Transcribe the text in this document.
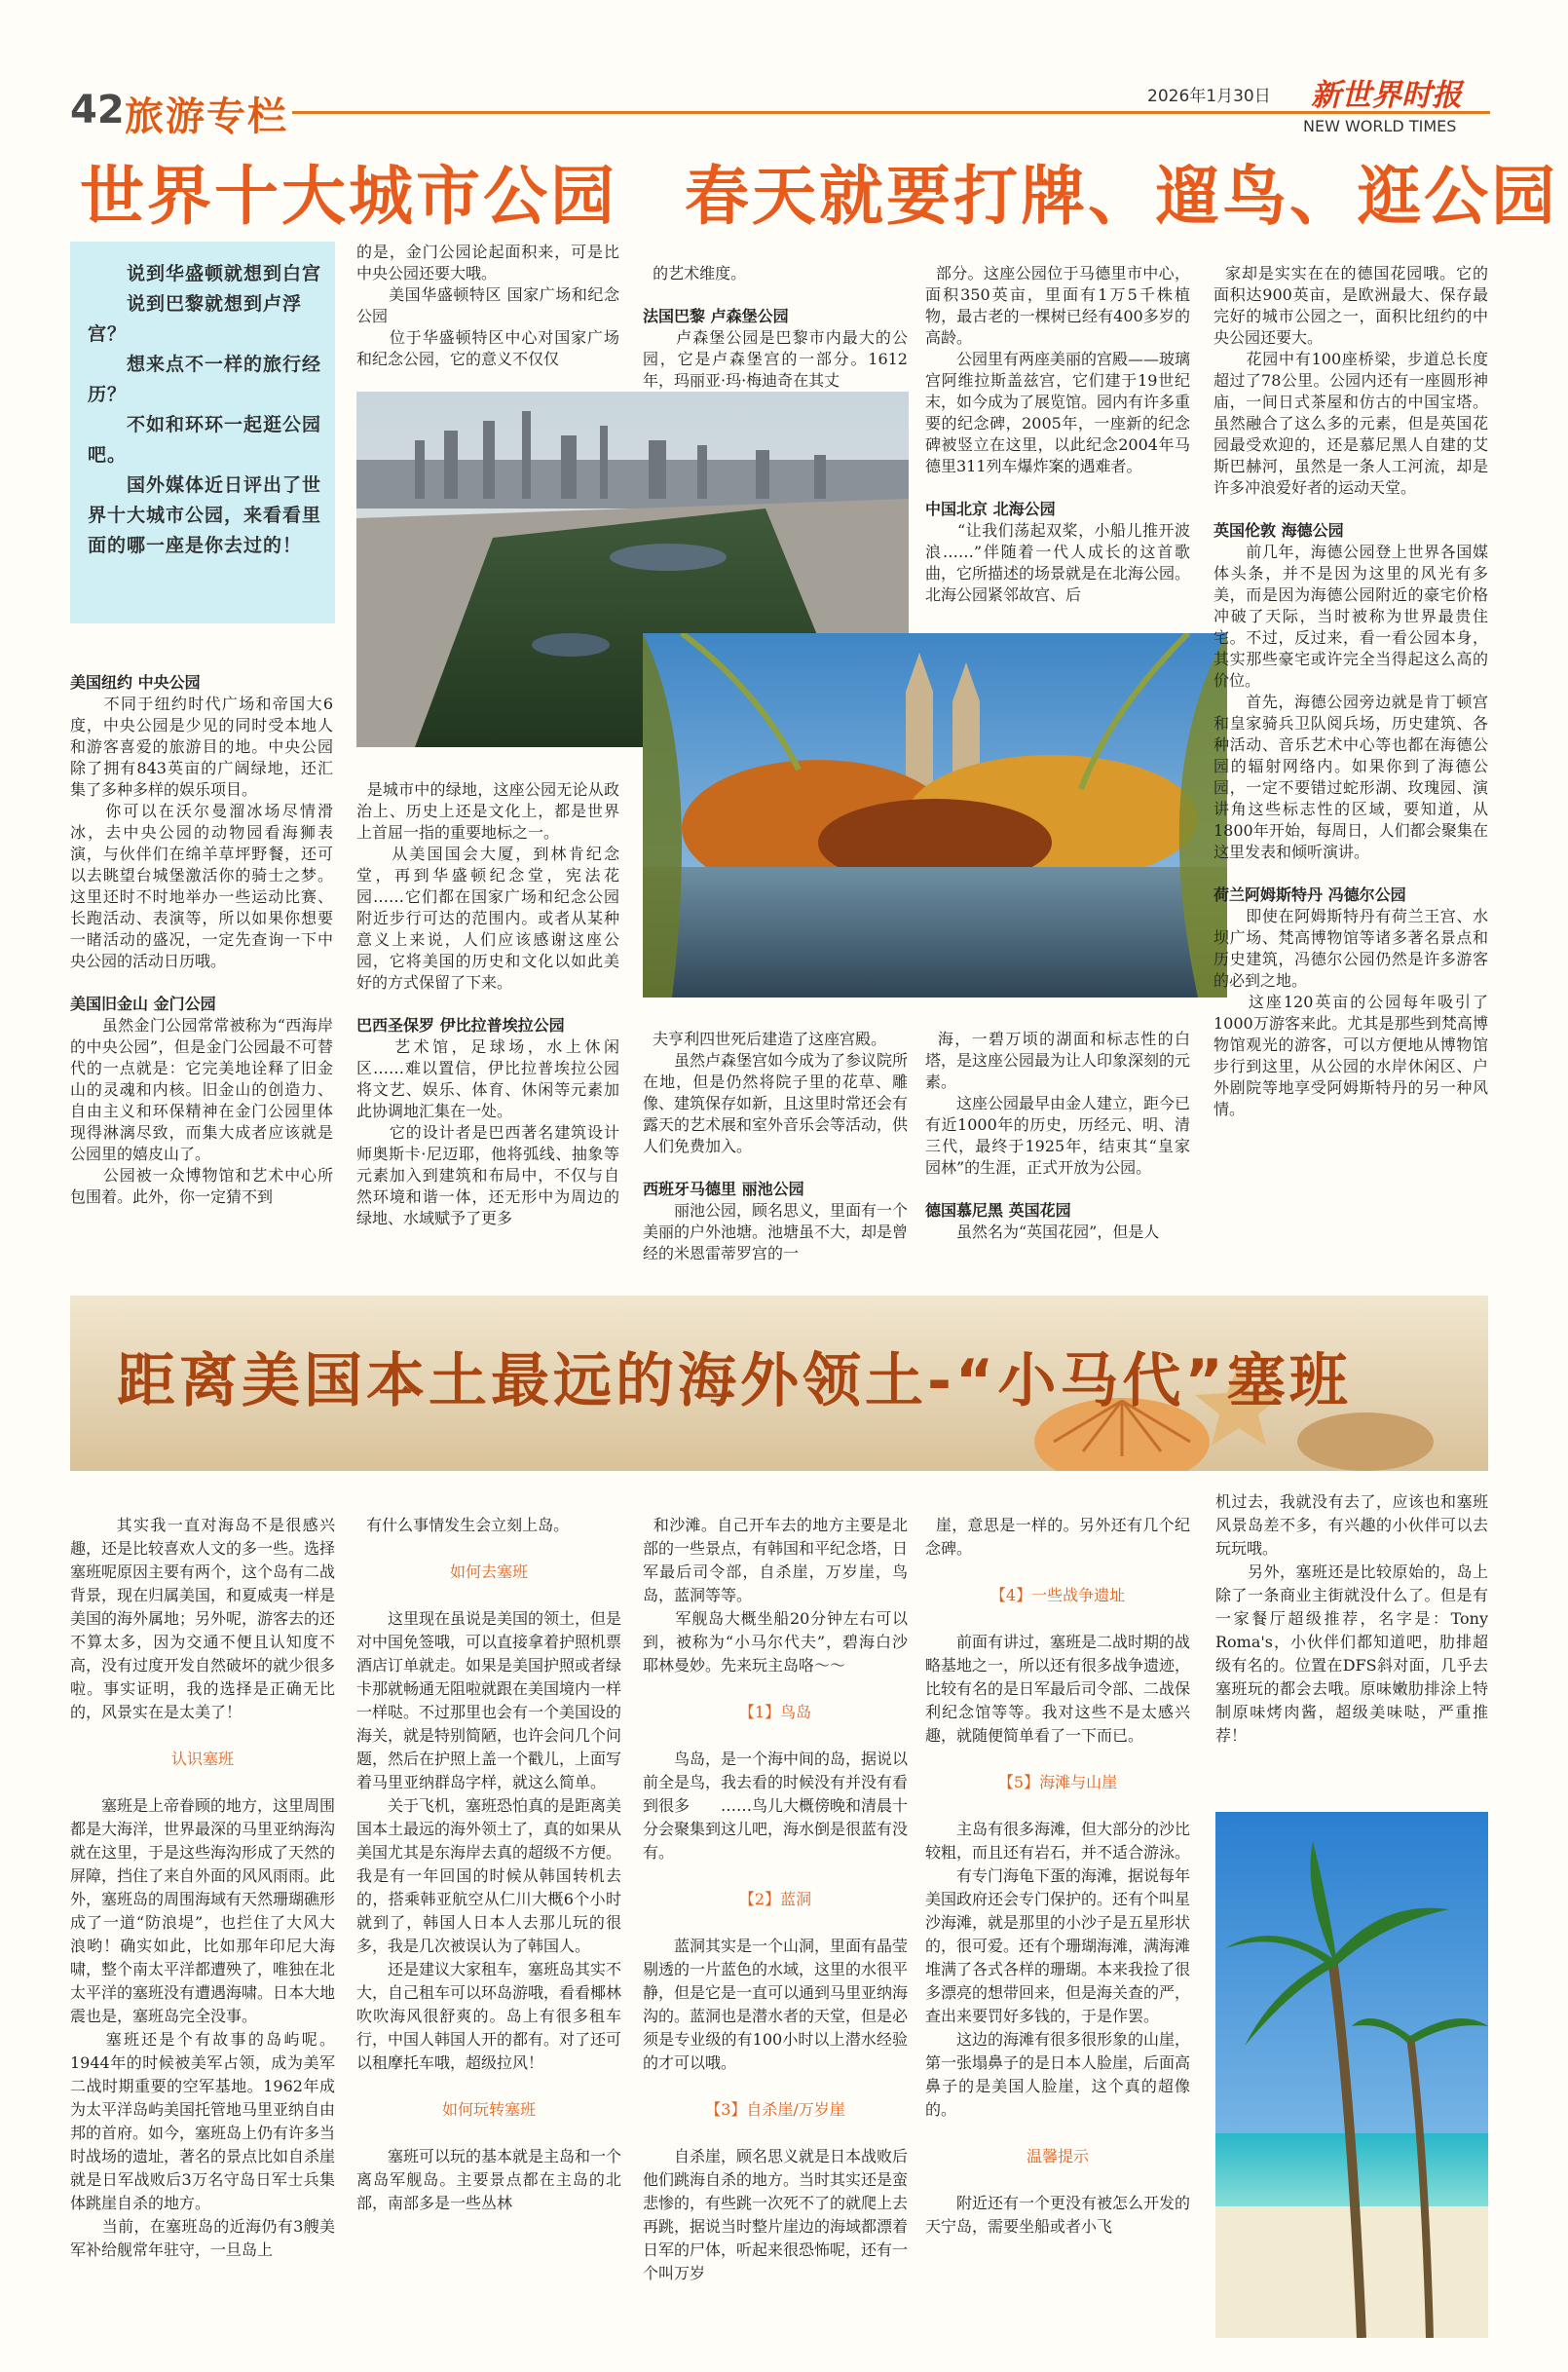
42 旅游专栏	2026年1月30日 新世界时报
NEW WORLD TIMES
世界十大城市公园　春天就要打牌、遛鸟、逛公园
　　说到华盛顿就想到白宫
　　说到巴黎就想到卢浮宫？
　　想来点不一样的旅行经历？
　　不如和环环一起逛公园吧。
　　国外媒体近日评出了世界十大城市公园，来看看里面的哪一座是你去过的！

美国纽约 中央公园
　　不同于纽约时代广场和帝国大6度，中央公园是少见的同时受本地人和游客喜爱的旅游目的地。中央公园除了拥有843英亩的广阔绿地，还汇集了多种多样的娱乐项目。
　　你可以在沃尔曼溜冰场尽情滑冰，去中央公园的动物园看海狮表演，与伙伴们在绵羊草坪野餐，还可以去眺望台城堡激活你的骑士之梦。这里还时不时地举办一些运动比赛、长跑活动、表演等，所以如果你想要一睹活动的盛况，一定先查询一下中央公园的活动日历哦。

美国旧金山 金门公园
　　虽然金门公园常常被称为“西海岸的中央公园”，但是金门公园最不可替代的一点就是：它完美地诠释了旧金山的灵魂和内核。旧金山的创造力、自由主义和环保精神在金门公园里体现得淋漓尽致，而集大成者应该就是公园里的嬉皮山了。
　　公园被一众博物馆和艺术中心所包围着。此外，你一定猜不到

的是，金门公园论起面积来，可是比中央公园还要大哦。
　　美国华盛顿特区 国家广场和纪念公园
　　位于华盛顿特区中心对国家广场和纪念公园，它的意义不仅仅

是城市中的绿地，这座公园无论从政治上、历史上还是文化上，都是世界上首屈一指的重要地标之一。
　　从美国国会大厦，到林肯纪念堂，再到华盛顿纪念堂，宪法花园……它们都在国家广场和纪念公园附近步行可达的范围内。或者从某种意义上来说，人们应该感谢这座公园，它将美国的历史和文化以如此美好的方式保留了下来。

巴西圣保罗 伊比拉普埃拉公园
　　艺术馆，足球场，水上休闲区……难以置信，伊比拉普埃拉公园将文艺、娱乐、体育、休闲等元素加此协调地汇集在一处。
　　它的设计者是巴西著名建筑设计师奥斯卡·尼迈耶，他将弧线、抽象等元素加入到建筑和布局中，不仅与自然环境和谐一体，还无形中为周边的绿地、水域赋予了更多

的艺术维度。

法国巴黎 卢森堡公园
　　卢森堡公园是巴黎市内最大的公园，它是卢森堡宫的一部分。1612年，玛丽亚·玛·梅迪奇在其丈

部分。这座公园位于马德里市中心，面积350英亩，里面有1万5千株植物，最古老的一棵树已经有400多岁的高龄。
　　公园里有两座美丽的宫殿——玻璃宫阿维拉斯盖兹宫，它们建于19世纪末，如今成为了展览馆。园内有许多重要的纪念碑，2005年，一座新的纪念碑被竖立在这里，以此纪念2004年马德里311列车爆炸案的遇难者。

中国北京 北海公园
　　“让我们荡起双桨，小船儿推开波浪……”伴随着一代人成长的这首歌曲，它所描述的场景就是在北海公园。北海公园紧邻故宫、后

夫亨利四世死后建造了这座宫殿。
　　虽然卢森堡宫如今成为了参议院所在地，但是仍然将院子里的花草、雕像、建筑保存如新，且这里时常还会有露天的艺术展和室外音乐会等活动，供人们免费加入。

西班牙马德里 丽池公园
　　丽池公园，顾名思义，里面有一个美丽的户外池塘。池塘虽不大，却是曾经的米恩雷蒂罗宫的一

海，一碧万顷的湖面和标志性的白塔，是这座公园最为让人印象深刻的元素。
　　这座公园最早由金人建立，距今已有近1000年的历史，历经元、明、清三代，最终于1925年，结束其“皇家园林”的生涯，正式开放为公园。

德国慕尼黑 英国花园
　　虽然名为“英国花园”，但是人

家却是实实在在的德国花园哦。它的面积达900英亩，是欧洲最大、保存最完好的城市公园之一，面积比纽约的中央公园还要大。
　　花园中有100座桥梁，步道总长度超过了78公里。公园内还有一座圆形神庙，一间日式茶屋和仿古的中国宝塔。虽然融合了这么多的元素，但是英国花园最受欢迎的，还是慕尼黑人自建的艾斯巴赫河，虽然是一条人工河流，却是许多冲浪爱好者的运动天堂。

英国伦敦 海德公园
　　前几年，海德公园登上世界各国媒体头条，并不是因为这里的风光有多美，而是因为海德公园附近的豪宅价格冲破了天际，当时被称为世界最贵住宅。不过，反过来，看一看公园本身，其实那些豪宅或许完全当得起这么高的价位。
　　首先，海德公园旁边就是肯丁顿宫和皇家骑兵卫队阅兵场，历史建筑、各种活动、音乐艺术中心等也都在海德公园的辐射网络内。如果你到了海德公园，一定不要错过蛇形湖、玫瑰园、演讲角这些标志性的区域，要知道，从1800年开始，每周日，人们都会聚集在这里发表和倾听演讲。

荷兰阿姆斯特丹 冯德尔公园
　　即使在阿姆斯特丹有荷兰王宫、水坝广场、梵高博物馆等诸多著名景点和历史建筑，冯德尔公园仍然是许多游客的必到之地。
　　这座120英亩的公园每年吸引了1000万游客来此。尤其是那些到梵高博物馆观光的游客，可以方便地从博物馆步行到这里，从公园的水岸休闲区、户外剧院等地享受阿姆斯特丹的另一种风情。

距离美国本土最远的海外领土-“小马代”塞班

　　其实我一直对海岛不是很感兴趣，还是比较喜欢人文的多一些。选择塞班呢原因主要有两个，这个岛有二战背景，现在归属美国，和夏威夷一样是美国的海外属地；另外呢，游客去的还不算太多，因为交通不便且认知度不高，没有过度开发自然破坏的就少很多啦。事实证明，我的选择是正确无比的，风景实在是太美了！

认识塞班

　　塞班是上帝眷顾的地方，这里周围都是大海洋，世界最深的马里亚纳海沟就在这里，于是这些海沟形成了天然的屏障，挡住了来自外面的风风雨雨。此外，塞班岛的周围海域有天然珊瑚礁形成了一道“防浪堤”，也拦住了大风大浪哟！确实如此，比如那年印尼大海啸，整个南太平洋都遭殃了，唯独在北太平洋的塞班没有遭遇海啸。日本大地震也是，塞班岛完全没事。
　　塞班还是个有故事的岛屿呢。1944年的时候被美军占领，成为美军二战时期重要的空军基地。1962年成为太平洋岛屿美国托管地马里亚纳自由邦的首府。如今，塞班岛上仍有许多当时战场的遗址，著名的景点比如自杀崖就是日军战败后3万名守岛日军士兵集体跳崖自杀的地方。
　　当前，在塞班岛的近海仍有3艘美军补给舰常年驻守，一旦岛上

有什么事情发生会立刻上岛。

如何去塞班

　　这里现在虽说是美国的领土，但是对中国免签哦，可以直接拿着护照机票酒店订单就走。如果是美国护照或者绿卡那就畅通无阻啦就跟在美国境内一样一样哒。不过那里也会有一个美国设的海关，就是特别简陋，也许会问几个问题，然后在护照上盖一个戳儿，上面写着马里亚纳群岛字样，就这么简单。
　　关于飞机，塞班恐怕真的是距离美国本土最远的海外领土了，真的如果从美国尤其是东海岸去真的超级不方便。我是有一年回国的时候从韩国转机去的，搭乘韩亚航空从仁川大概6个小时就到了，韩国人日本人去那儿玩的很多，我是几次被误认为了韩国人。
　　还是建议大家租车，塞班岛其实不大，自己租车可以环岛游哦，看看椰林吹吹海风很舒爽的。岛上有很多租车行，中国人韩国人开的都有。对了还可以租摩托车哦，超级拉风！

如何玩转塞班

　　塞班可以玩的基本就是主岛和一个离岛军舰岛。主要景点都在主岛的北部，南部多是一些丛林

和沙滩。自己开车去的地方主要是北部的一些景点，有韩国和平纪念塔，日军最后司令部，自杀崖，万岁崖，鸟岛，蓝洞等等。
　　军舰岛大概坐船20分钟左右可以到，被称为“小马尔代夫”，碧海白沙耶林曼妙。先来玩主岛咯～～

【1】鸟岛

　　鸟岛，是一个海中间的岛，据说以前全是鸟，我去看的时候没有并没有看到很多　　……鸟儿大概傍晚和清晨十分会聚集到这儿吧，海水倒是很蓝有没有。

【2】蓝洞

　　蓝洞其实是一个山洞，里面有晶莹剔透的一片蓝色的水域，这里的水很平静，但是它是一直可以通到马里亚纳海沟的。蓝洞也是潜水者的天堂，但是必须是专业级的有100小时以上潜水经验的才可以哦。

【3】自杀崖/万岁崖

　　自杀崖，顾名思义就是日本战败后他们跳海自杀的地方。当时其实还是蛮悲惨的，有些跳一次死不了的就爬上去再跳，据说当时整片崖边的海域都漂着日军的尸体，听起来很恐怖呢，还有一个叫万岁

崖，意思是一样的。另外还有几个纪念碑。

【4】一些战争遗址

　　前面有讲过，塞班是二战时期的战略基地之一，所以还有很多战争遗迹，比较有名的是日军最后司令部、二战保利纪念馆等等。我对这些不是太感兴趣，就随便简单看了一下而已。

【5】海滩与山崖

　　主岛有很多海滩，但大部分的沙比较粗，而且还有岩石，并不适合游泳。
　　有专门海龟下蛋的海滩，据说每年美国政府还会专门保护的。还有个叫星沙海滩，就是那里的小沙子是五星形状的，很可爱。还有个珊瑚海滩，满海滩堆满了各式各样的珊瑚。本来我捡了很多漂亮的想带回来，但是海关查的严，查出来要罚好多钱的，于是作罢。
　　这边的海滩有很多很形象的山崖，第一张塌鼻子的是日本人脸崖，后面高鼻子的是美国人脸崖，这个真的超像的。

温馨提示

　　附近还有一个更没有被怎么开发的天宁岛，需要坐船或者小飞

机过去，我就没有去了，应该也和塞班风景岛差不多，有兴趣的小伙伴可以去玩玩哦。
　　另外，塞班还是比较原始的，岛上除了一条商业主街就没什么了。但是有一家餐厅超级推荐，名字是：Tony Roma's，小伙伴们都知道吧，肋排超级有名的。位置在DFS斜对面，几乎去塞班玩的都会去哦。原味嫩肋排涂上特制原味烤肉酱，超级美味哒，严重推荐！
